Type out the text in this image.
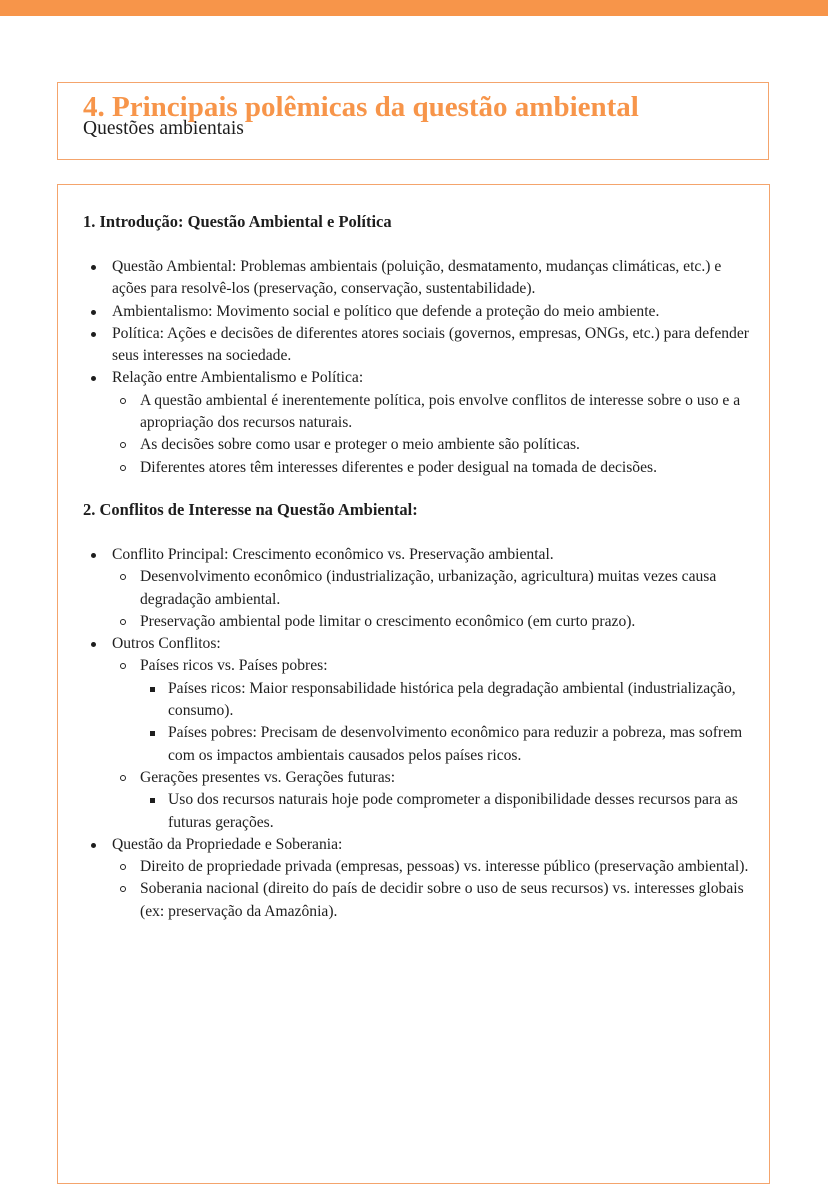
4. Principais polêmicas da questão ambiental
Questões ambientais
1. Introdução: Questão Ambiental e Política
Questão Ambiental: Problemas ambientais (poluição, desmatamento, mudanças climáticas, etc.) e ações para resolvê-los (preservação, conservação, sustentabilidade).
Ambientalismo: Movimento social e político que defende a proteção do meio ambiente.
Política: Ações e decisões de diferentes atores sociais (governos, empresas, ONGs, etc.) para defender seus interesses na sociedade.
Relação entre Ambientalismo e Política:
A questão ambiental é inerentemente política, pois envolve conflitos de interesse sobre o uso e a apropriação dos recursos naturais.
As decisões sobre como usar e proteger o meio ambiente são políticas.
Diferentes atores têm interesses diferentes e poder desigual na tomada de decisões.
2. Conflitos de Interesse na Questão Ambiental:
Conflito Principal: Crescimento econômico vs. Preservação ambiental.
Desenvolvimento econômico (industrialização, urbanização, agricultura) muitas vezes causa degradação ambiental.
Preservação ambiental pode limitar o crescimento econômico (em curto prazo).
Outros Conflitos:
Países ricos vs. Países pobres:
Países ricos: Maior responsabilidade histórica pela degradação ambiental (industrialização, consumo).
Países pobres: Precisam de desenvolvimento econômico para reduzir a pobreza, mas sofrem com os impactos ambientais causados pelos países ricos.
Gerações presentes vs. Gerações futuras:
Uso dos recursos naturais hoje pode comprometer a disponibilidade desses recursos para as futuras gerações.
Questão da Propriedade e Soberania:
Direito de propriedade privada (empresas, pessoas) vs. interesse público (preservação ambiental).
Soberania nacional (direito do país de decidir sobre o uso de seus recursos) vs. interesses globais (ex: preservação da Amazônia).
